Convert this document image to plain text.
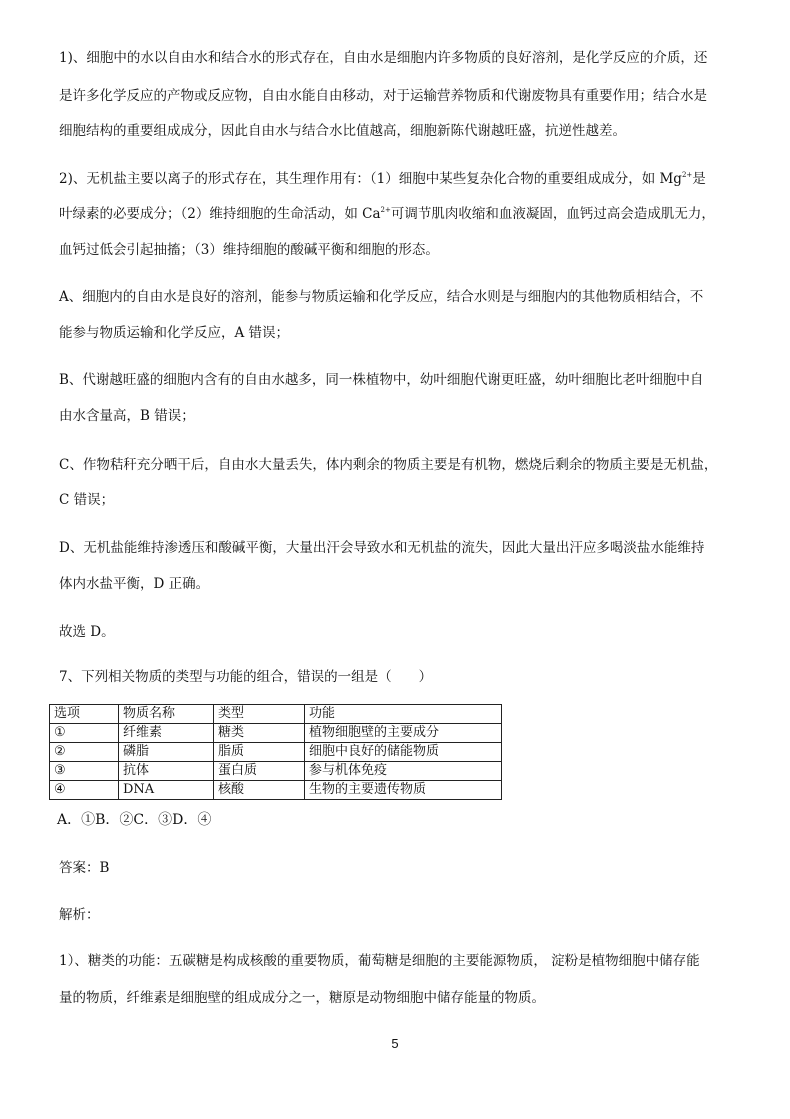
1)、细胞中的水以自由水和结合水的形式存在，自由水是细胞内许多物质的良好溶剂，是化学反应的介质，还
是许多化学反应的产物或反应物，自由水能自由移动，对于运输营养物质和代谢废物具有重要作用；结合水是
细胞结构的重要组成成分，因此自由水与结合水比值越高，细胞新陈代谢越旺盛，抗逆性越差。
2)、无机盐主要以离子的形式存在，其生理作用有：（1）细胞中某些复杂化合物的重要组成成分，如 $Mg^{2+}$是
叶绿素的必要成分；（2）维持细胞的生命活动，如 $Ca^{2+}$可调节肌肉收缩和血液凝固，血钙过高会造成肌无力，
血钙过低会引起抽搐；（3）维持细胞的酸碱平衡和细胞的形态。
A、细胞内的自由水是良好的溶剂，能参与物质运输和化学反应，结合水则是与细胞内的其他物质相结合，不
能参与物质运输和化学反应，A 错误；
B、代谢越旺盛的细胞内含有的自由水越多，同一株植物中，幼叶细胞代谢更旺盛，幼叶细胞比老叶细胞中自
由水含量高，B 错误；
C、作物秸秆充分晒干后，自由水大量丢失，体内剩余的物质主要是有机物，燃烧后剩余的物质主要是无机盐，
C 错误；
D、无机盐能维持渗透压和酸碱平衡，大量出汗会导致水和无机盐的流失，因此大量出汗应多喝淡盐水能维持
体内水盐平衡，D 正确。
故选 D。
7、下列相关物质的类型与功能的组合，错误的一组是（　　）
选项	物质名称	类型	功能
①	纤维素	糖类	植物细胞壁的主要成分
②	磷脂	脂质	细胞中良好的储能物质
③	抗体	蛋白质	参与机体免疫
④	DNA	核酸	生物的主要遗传物质
A．①B．②C．③D．④
答案：B
解析：
1）、糖类的功能：五碳糖是构成核酸的重要物质，葡萄糖是细胞的主要能源物质， 淀粉是植物细胞中储存能
量的物质，纤维素是细胞壁的组成成分之一，糖原是动物细胞中储存能量的物质。
5
